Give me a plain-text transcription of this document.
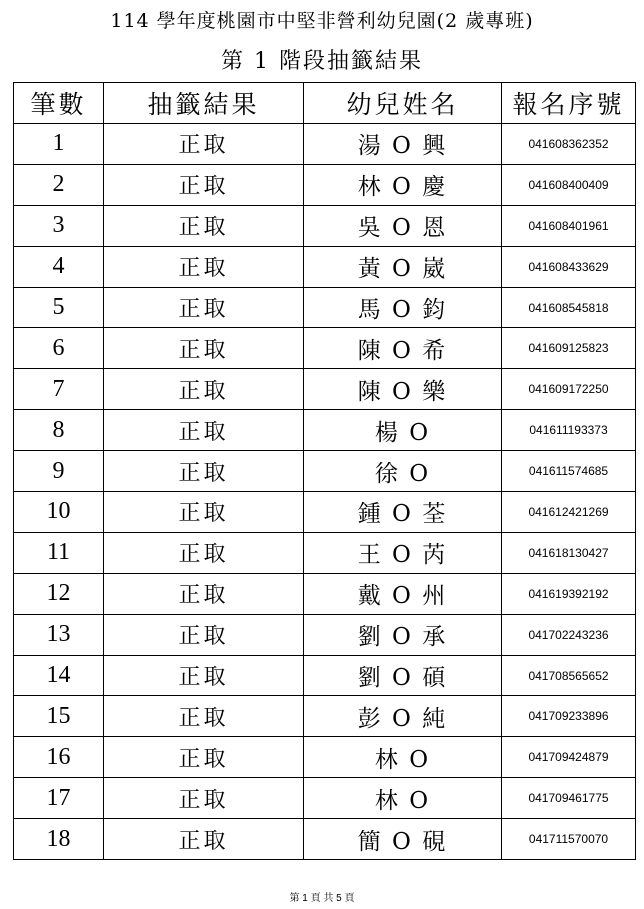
114 學年度桃園市中堅非營利幼兒園(2 歲專班)
第 1 階段抽籤結果
筆數	抽籤結果	幼兒姓名	報名序號
1	正取	湯 O 興	041608362352
2	正取	林 O 慶	041608400409
3	正取	吳 O 恩	041608401961
4	正取	黃 O 崴	041608433629
5	正取	馬 O 鈞	041608545818
6	正取	陳 O 希	041609125823
7	正取	陳 O 樂	041609172250
8	正取	楊 O	041611193373
9	正取	徐 O	041611574685
10	正取	鍾 O 荃	041612421269
11	正取	王 O 芮	041618130427
12	正取	戴 O 州	041619392192
13	正取	劉 O 承	041702243236
14	正取	劉 O 碩	041708565652
15	正取	彭 O 純	041709233896
16	正取	林 O	041709424879
17	正取	林 O	041709461775
18	正取	簡 O 硯	041711570070
第 1 頁 共 5 頁
